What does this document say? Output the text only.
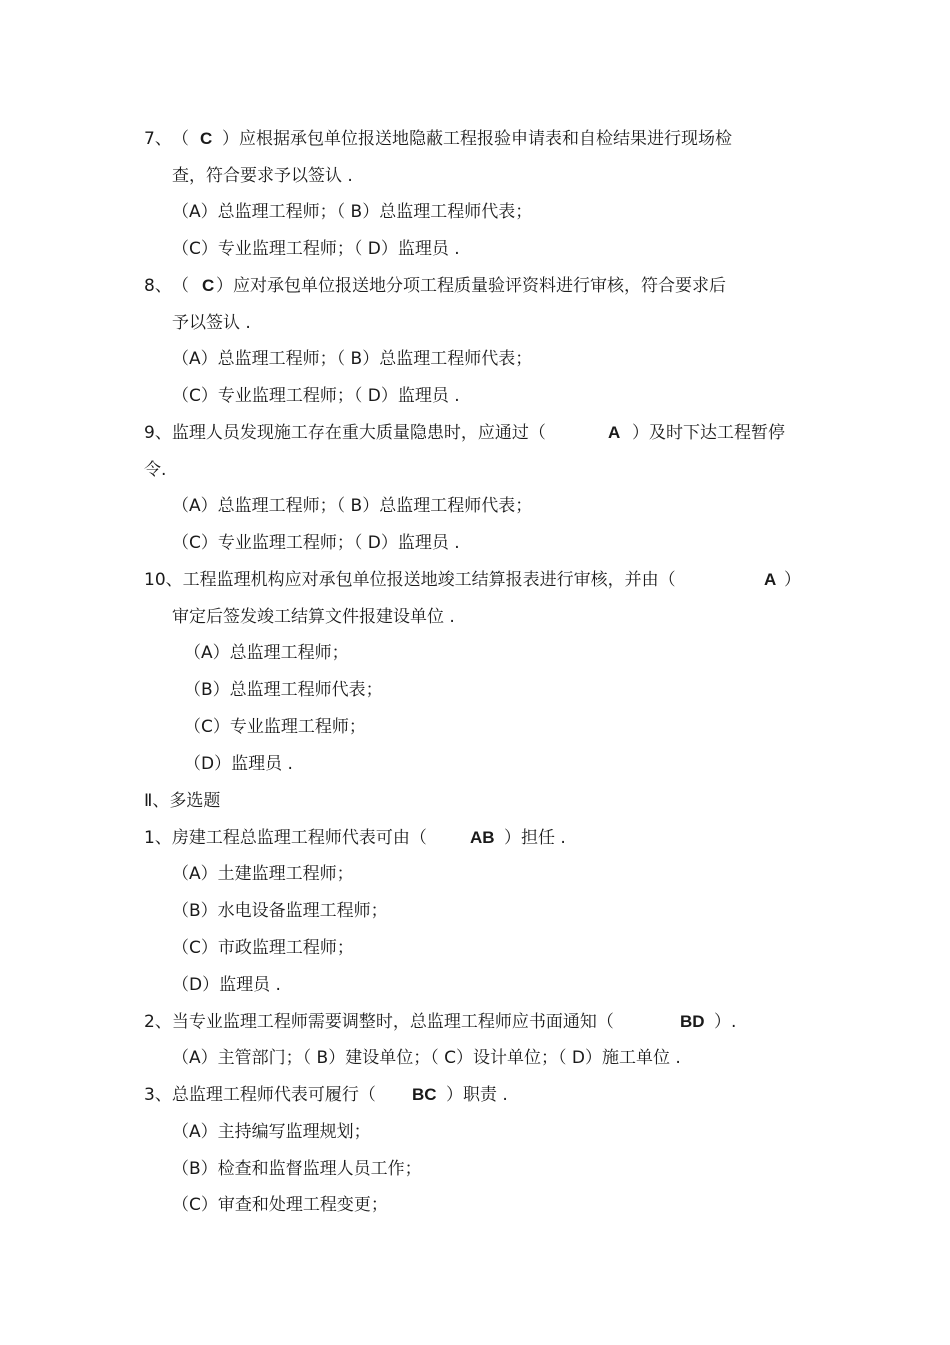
7、 （ C ）应根据承包单位报送地隐蔽工程报验申请表和自检结果进行现场检
查，符合要求予以签认 .
（A）总监理工程师；（ B）总监理工程师代表；
（C）专业监理工程师；（ D）监理员 .
8、 （ C ）应对承包单位报送地分项工程质量验评资料进行审核，符合要求后
予以签认 .
（A）总监理工程师；（ B）总监理工程师代表；
（C）专业监理工程师；（ D）监理员 .
9、监理人员发现施工存在重大质量隐患时，应通过（	A ）及时下达工程暂停
令.
（A）总监理工程师；（ B）总监理工程师代表；
（C）专业监理工程师；（ D）监理员 .
10、工程监理机构应对承包单位报送地竣工结算报表进行审核，并由（	A ）
审定后签发竣工结算文件报建设单位 .
（A）总监理工程师；
（B）总监理工程师代表；
（C）专业监理工程师；
（D）监理员 .
Ⅱ、多选题
1、房建工程总监理工程师代表可由（	AB ）担任 .
（A）土建监理工程师；
（B）水电设备监理工程师；
（C）市政监理工程师；
（D）监理员 .
2、当专业监理工程师需要调整时，总监理工程师应书面通知（	BD ）.
（A）主管部门；（ B）建设单位；（ C）设计单位；（ D）施工单位 .
3、总监理工程师代表可履行（ BC ）职责 .
（A）主持编写监理规划；
（B）检查和监督监理人员工作；
（C）审查和处理工程变更；
